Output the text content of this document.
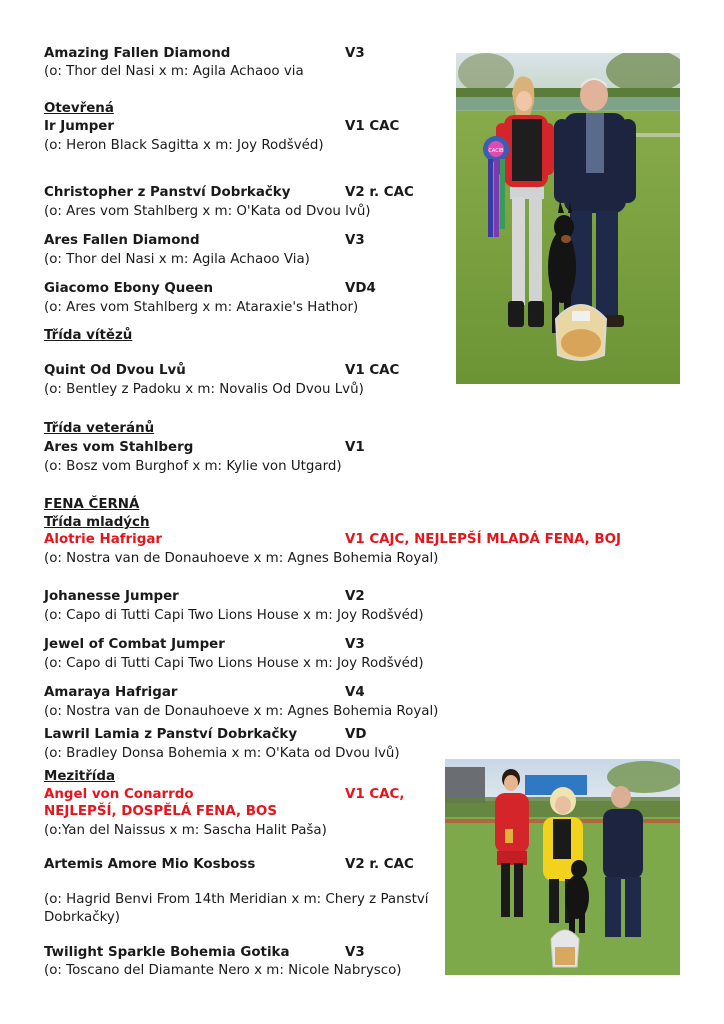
Amazing Fallen Diamond	V3
(o: Thor del Nasi x m: Agila Achaoo via
Otevřená
Ir Jumper	V1 CAC
(o: Heron Black Sagitta x m: Joy Rodšvéd)
Christopher z Panství Dobrkačky	V2 r. CAC
(o: Ares vom Stahlberg x m: O'Kata od Dvou lvů)
Ares Fallen Diamond	V3
(o: Thor del Nasi x m: Agila Achaoo Via)
Giacomo Ebony Queen	VD4
(o: Ares vom Stahlberg x m: Ataraxie's Hathor)
Třída vítězů
Quint Od Dvou Lvů	V1 CAC
(o: Bentley z Padoku x m: Novalis Od Dvou Lvů)
Třída veteránů
Ares vom Stahlberg	V1
(o: Bosz vom Burghof x m: Kylie von Utgard)
FENA ČERNÁ
Třída mladých
Alotrie Hafrigar	V1 CAJC, NEJLEPŠÍ MLADÁ FENA, BOJ
(o: Nostra van de Donauhoeve x m: Agnes Bohemia Royal)
Johanesse Jumper	V2
(o: Capo di Tutti Capi Two Lions House x m: Joy Rodšvéd)
Jewel of Combat Jumper	V3
(o: Capo di Tutti Capi Two Lions House x m: Joy Rodšvéd)
Amaraya Hafrigar	V4
(o: Nostra van de Donauhoeve x m: Agnes Bohemia Royal)
Lawril Lamia z Panství Dobrkačky	VD
(o: Bradley Donsa Bohemia x m: O'Kata od Dvou lvů)
Mezitřída
Angel von Conarrdo	V1 CAC,
NEJLEPŠÍ, DOSPĚLÁ FENA, BOS
(o:Yan del Naissus x m: Sascha Halit Paša)
Artemis Amore Mio Kosboss	V2 r. CAC
(o: Hagrid Benvi From 14th Meridian x m: Chery z Panství
Dobrkačky)
Twilight Sparkle Bohemia Gotika	V3
(o: Toscano del Diamante Nero x m: Nicole Nabrysco)
CACIB
